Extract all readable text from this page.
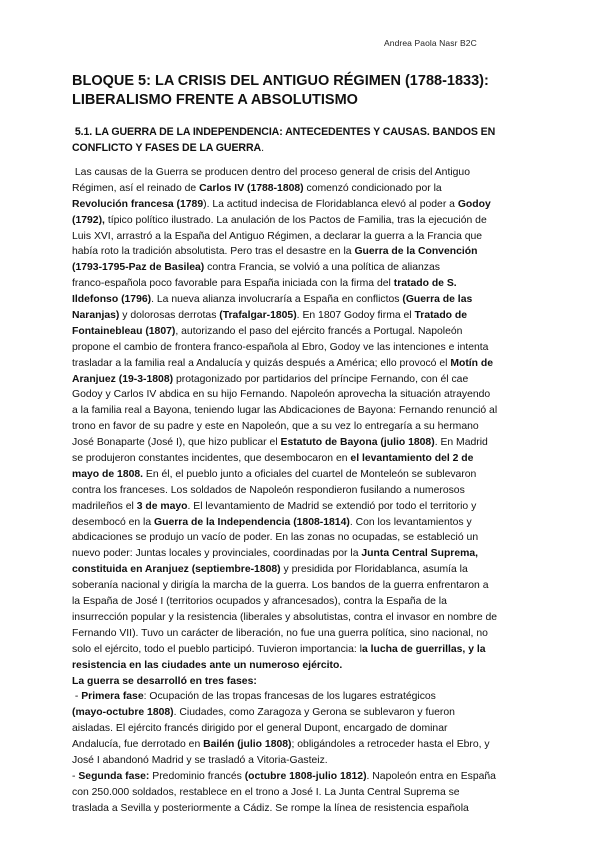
Andrea Paola Nasr B2C
BLOQUE 5: LA CRISIS DEL ANTIGUO RÉGIMEN (1788-1833):
LIBERALISMO FRENTE A ABSOLUTISMO
5.1. LA GUERRA DE LA INDEPENDENCIA: ANTECEDENTES Y CAUSAS. BANDOS EN
CONFLICTO Y FASES DE LA GUERRA.
Las causas de la Guerra se producen dentro del proceso general de crisis del Antiguo
Régimen, así el reinado de Carlos IV (1788-1808) comenzó condicionado por la
Revolución francesa (1789). La actitud indecisa de Floridablanca elevó al poder a Godoy
(1792), típico político ilustrado. La anulación de los Pactos de Familia, tras la ejecución de
Luis XVI, arrastró a la España del Antiguo Régimen, a declarar la guerra a la Francia que
había roto la tradición absolutista. Pero tras el desastre en la Guerra de la Convención
(1793-1795-Paz de Basilea) contra Francia, se volvió a una política de alianzas
franco-española poco favorable para España iniciada con la firma del tratado de S.
Ildefonso (1796). La nueva alianza involucraría a España en conflictos (Guerra de las
Naranjas) y dolorosas derrotas (Trafalgar-1805). En 1807 Godoy firma el Tratado de
Fontainebleau (1807), autorizando el paso del ejército francés a Portugal. Napoleón
propone el cambio de frontera franco-española al Ebro, Godoy ve las intenciones e intenta
trasladar a la familia real a Andalucía y quizás después a América; ello provocó el Motín de
Aranjuez (19-3-1808) protagonizado por partidarios del príncipe Fernando, con él cae
Godoy y Carlos IV abdica en su hijo Fernando. Napoleón aprovecha la situación atrayendo
a la familia real a Bayona, teniendo lugar las Abdicaciones de Bayona: Fernando renunció al
trono en favor de su padre y este en Napoleón, que a su vez lo entregaría a su hermano
José Bonaparte (José I), que hizo publicar el Estatuto de Bayona (julio 1808). En Madrid
se produjeron constantes incidentes, que desembocaron en el levantamiento del 2 de
mayo de 1808. En él, el pueblo junto a oficiales del cuartel de Monteleón se sublevaron
contra los franceses. Los soldados de Napoleón respondieron fusilando a numerosos
madrileños el 3 de mayo. El levantamiento de Madrid se extendió por todo el territorio y
desembocó en la Guerra de la Independencia (1808-1814). Con los levantamientos y
abdicaciones se produjo un vacío de poder. En las zonas no ocupadas, se estableció un
nuevo poder: Juntas locales y provinciales, coordinadas por la Junta Central Suprema,
constituida en Aranjuez (septiembre-1808) y presidida por Floridablanca, asumía la
soberanía nacional y dirigía la marcha de la guerra. Los bandos de la guerra enfrentaron a
la España de José I (territorios ocupados y afrancesados), contra la España de la
insurrección popular y la resistencia (liberales y absolutistas, contra el invasor en nombre de
Fernando VII). Tuvo un carácter de liberación, no fue una guerra política, sino nacional, no
solo el ejército, todo el pueblo participó. Tuvieron importancia: la lucha de guerrillas, y la
resistencia en las ciudades ante un numeroso ejército.
La guerra se desarrolló en tres fases:
- Primera fase: Ocupación de las tropas francesas de los lugares estratégicos
(mayo-octubre 1808). Ciudades, como Zaragoza y Gerona se sublevaron y fueron
aisladas. El ejército francés dirigido por el general Dupont, encargado de dominar
Andalucía, fue derrotado en Bailén (julio 1808); obligándoles a retroceder hasta el Ebro, y
José I abandonó Madrid y se trasladó a Vitoria-Gasteiz.
- Segunda fase: Predominio francés (octubre 1808-julio 1812). Napoleón entra en España
con 250.000 soldados, restablece en el trono a José I. La Junta Central Suprema se
traslada a Sevilla y posteriormente a Cádiz. Se rompe la línea de resistencia española
